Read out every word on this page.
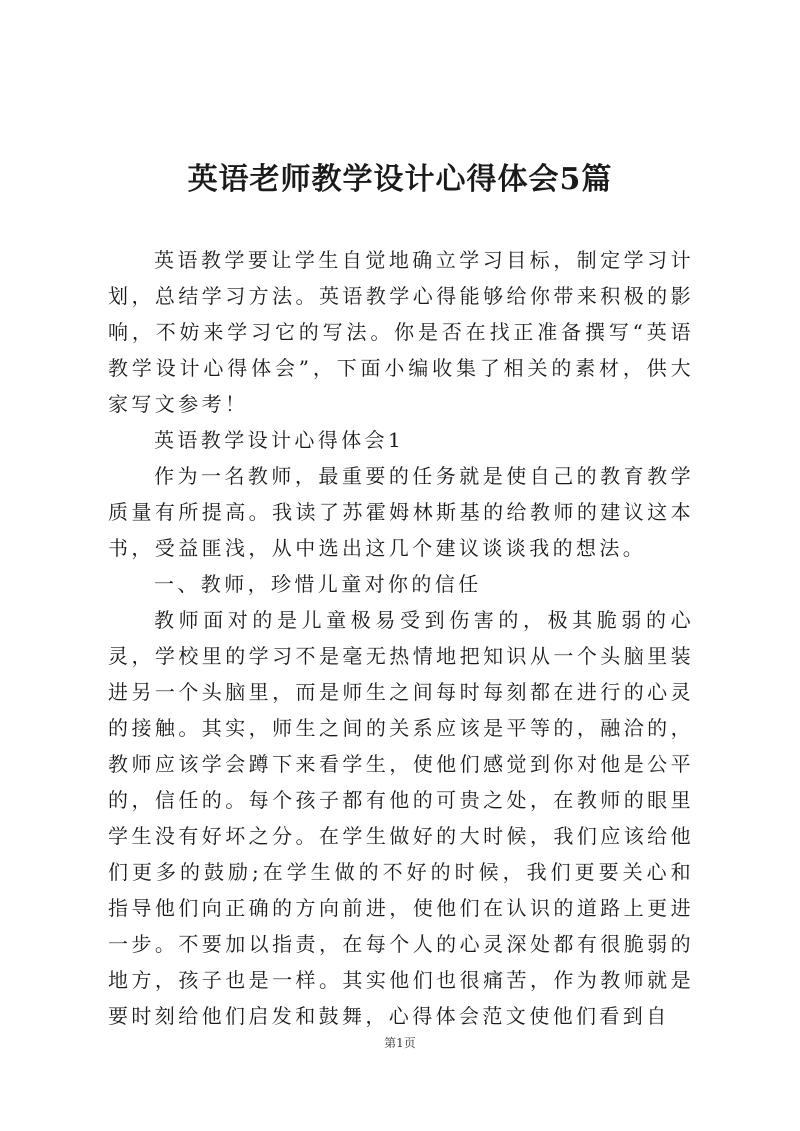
英语老师教学设计心得体会5篇

英语教学要让学生自觉地确立学习目标，制定学习计划，总结学习方法。英语教学心得能够给你带来积极的影响，不妨来学习它的写法。你是否在找正准备撰写“英语教学设计心得体会”，下面小编收集了相关的素材，供大家写文参考！

英语教学设计心得体会1

作为一名教师，最重要的任务就是使自己的教育教学质量有所提高。我读了苏霍姆林斯基的给教师的建议这本书，受益匪浅，从中选出这几个建议谈谈我的想法。

一、教师，珍惜儿童对你的信任

教师面对的是儿童极易受到伤害的，极其脆弱的心灵，学校里的学习不是毫无热情地把知识从一个头脑里装进另一个头脑里，而是师生之间每时每刻都在进行的心灵的接触。其实，师生之间的关系应该是平等的，融洽的，教师应该学会蹲下来看学生，使他们感觉到你对他是公平的，信任的。每个孩子都有他的可贵之处，在教师的眼里学生没有好坏之分。在学生做好的大时候，我们应该给他们更多的鼓励;在学生做的不好的时候，我们更要关心和指导他们向正确的方向前进，使他们在认识的道路上更进一步。不要加以指责，在每个人的心灵深处都有很脆弱的地方，孩子也是一样。其实他们也很痛苦，作为教师就是要时刻给他们启发和鼓舞，心得体会范文使他们看到自

第1页
